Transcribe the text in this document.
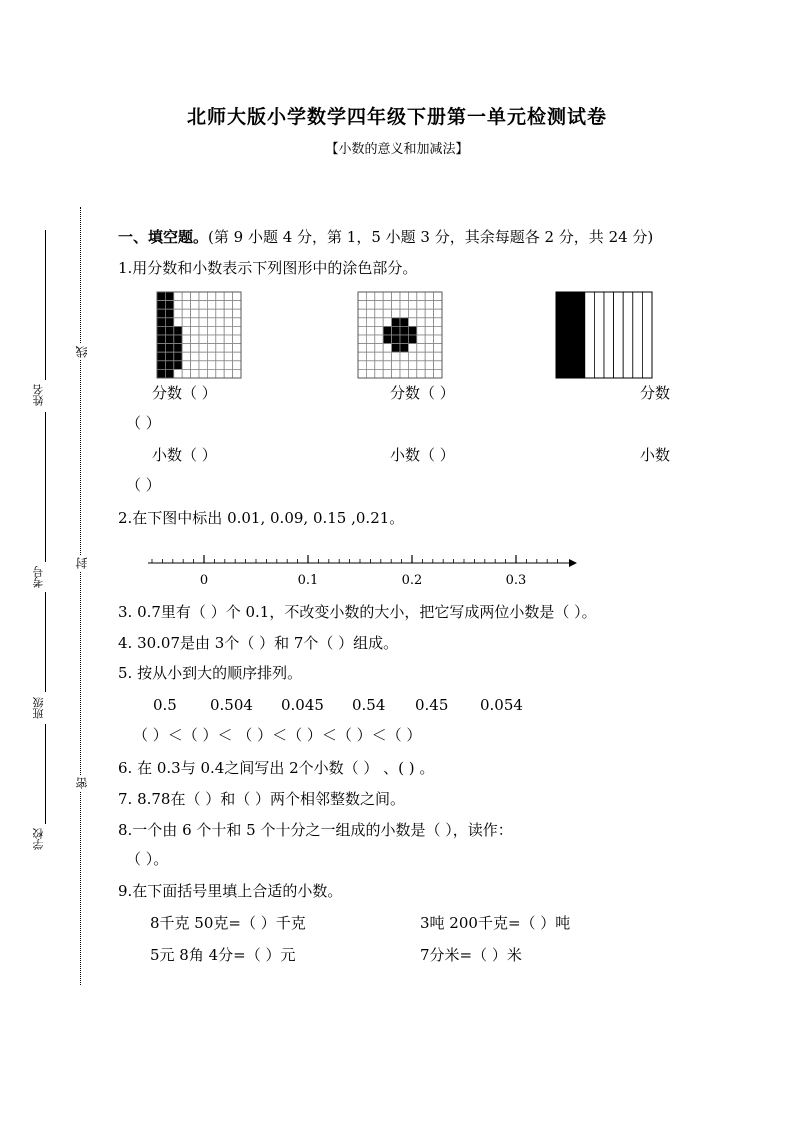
北师大版小学数学四年级下册第一单元检测试卷
【小数的意义和加减法】
姓名
考号
班级
学校
线
封
密
一、填空题。(第 9 小题 4 分，第 1，5 小题 3 分，其余每题各 2 分，共 24 分)
1.用分数和小数表示下列图形中的涂色部分。
分数（ ）	分数（ ）	分数
（ ）
小数（ ）	小数（ ）	小数
（ ）
2.在下图中标出 0.01, 0.09, 0.15 ,0.21。
0	0.1	0.2	0.3
3. 0.7里有（ ）个 0.1，不改变小数的大小，把它写成两位小数是（ ）。
4. 30.07是由 3个（ ）和 7个（ ）组成。
5. 按从小到大的顺序排列。
0.5 0.504 0.045 0.54 0.45 0.054
（ ）＜（ ）＜ （ ）＜（ ）＜（ ）＜（ ）
6. 在 0.3与 0.4之间写出 2个小数（ ） 、( ) 。
7. 8.78在（ ）和（ ）两个相邻整数之间。
8.一个由 6 个十和 5 个十分之一组成的小数是（ ），读作：
（ ）。
9.在下面括号里填上合适的小数。
8千克 50克=（ ）千克	3吨 200千克=（ ）吨
5元 8角 4分=（ ）元	7分米=（ ）米
